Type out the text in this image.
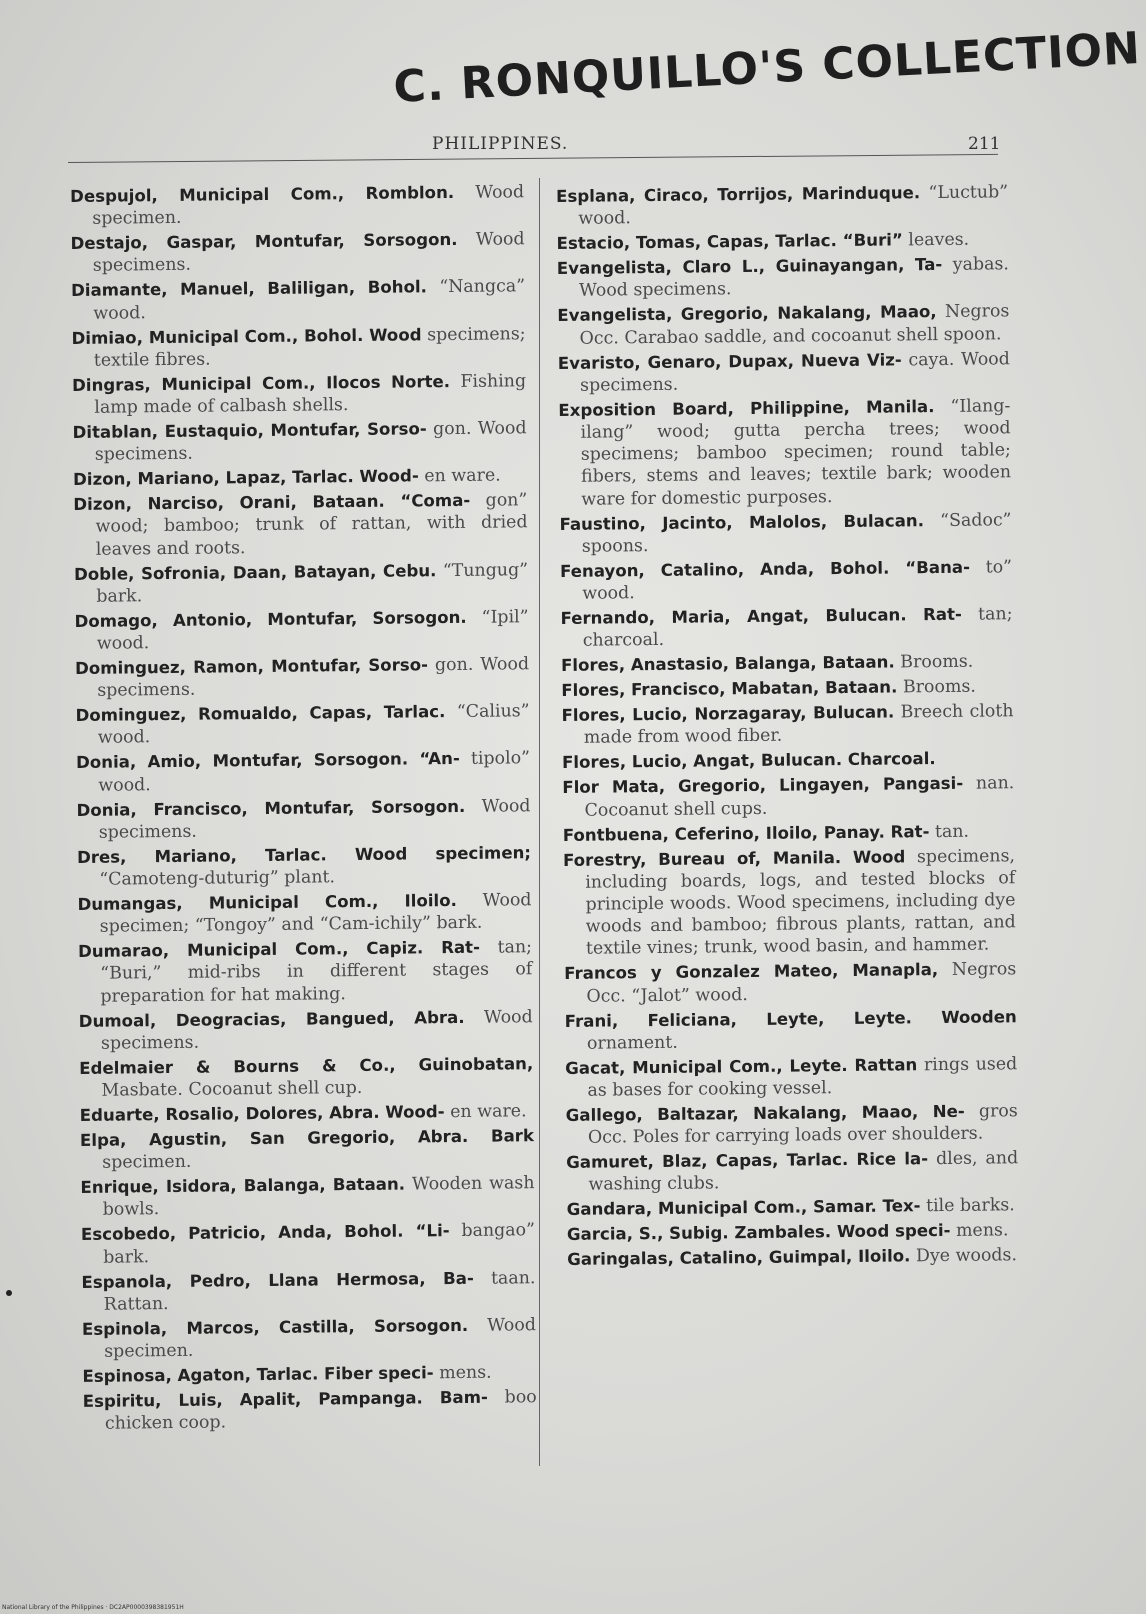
C. RONQUILLO'S COLLECTION
PHILIPPINES.	211
Despujol, Municipal Com., Romblon. Wood specimen.
Destajo, Gaspar, Montufar, Sorsogon. Wood specimens.
Diamante, Manuel, Baliligan, Bohol. “Nangca” wood.
Dimiao, Municipal Com., Bohol. Wood specimens; textile fibres.
Dingras, Municipal Com., Ilocos Norte. Fishing lamp made of calbash shells.
Ditablan, Eustaquio, Montufar, Sorso- gon. Wood specimens.
Dizon, Mariano, Lapaz, Tarlac. Wood- en ware.
Dizon, Narciso, Orani, Bataan. “Coma- gon” wood; bamboo; trunk of rattan, with dried leaves and roots.
Doble, Sofronia, Daan, Batayan, Cebu. “Tungug” bark.
Domago, Antonio, Montufar, Sorsogon. “Ipil” wood.
Dominguez, Ramon, Montufar, Sorso- gon. Wood specimens.
Dominguez, Romualdo, Capas, Tarlac. “Calius” wood.
Donia, Amio, Montufar, Sorsogon. “An- tipolo” wood.
Donia, Francisco, Montufar, Sorsogon. Wood specimens.
Dres, Mariano, Tarlac. Wood specimen; “Camoteng-duturig” plant.
Dumangas, Municipal Com., Iloilo. Wood specimen; “Tongoy” and “Cam-ichily” bark.
Dumarao, Municipal Com., Capiz. Rat- tan; “Buri,” mid-ribs in different stages of preparation for hat making.
Dumoal, Deogracias, Bangued, Abra. Wood specimens.
Edelmaier & Bourns & Co., Guinobatan, Masbate. Cocoanut shell cup.
Eduarte, Rosalio, Dolores, Abra. Wood- en ware.
Elpa, Agustin, San Gregorio, Abra. Bark specimen.
Enrique, Isidora, Balanga, Bataan. Wooden wash bowls.
Escobedo, Patricio, Anda, Bohol. “Li- bangao” bark.
Espanola, Pedro, Llana Hermosa, Ba- taan. Rattan.
Espinola, Marcos, Castilla, Sorsogon. Wood specimen.
Espinosa, Agaton, Tarlac. Fiber speci- mens.
Espiritu, Luis, Apalit, Pampanga. Bam- boo chicken coop.
Esplana, Ciraco, Torrijos, Marinduque. “Luctub” wood.
Estacio, Tomas, Capas, Tarlac. “Buri” leaves.
Evangelista, Claro L., Guinayangan, Ta- yabas. Wood specimens.
Evangelista, Gregorio, Nakalang, Maao, Negros Occ. Carabao saddle, and cocoanut shell spoon.
Evaristo, Genaro, Dupax, Nueva Viz- caya. Wood specimens.
Exposition Board, Philippine, Manila. “Ilang-ilang” wood; gutta percha trees; wood specimens; bamboo specimen; round table; fibers, stems and leaves; textile bark; wooden ware for domestic purposes.
Faustino, Jacinto, Malolos, Bulacan. “Sadoc” spoons.
Fenayon, Catalino, Anda, Bohol. “Bana- to” wood.
Fernando, Maria, Angat, Bulucan. Rat- tan; charcoal.
Flores, Anastasio, Balanga, Bataan. Brooms.
Flores, Francisco, Mabatan, Bataan. Brooms.
Flores, Lucio, Norzagaray, Bulucan. Breech cloth made from wood fiber.
Flores, Lucio, Angat, Bulucan. Charcoal.
Flor Mata, Gregorio, Lingayen, Pangasi- nan. Cocoanut shell cups.
Fontbuena, Ceferino, Iloilo, Panay. Rat- tan.
Forestry, Bureau of, Manila. Wood specimens, including boards, logs, and tested blocks of principle woods. Wood specimens, including dye woods and bamboo; fibrous plants, rattan, and textile vines; trunk, wood basin, and hammer.
Francos y Gonzalez Mateo, Manapla, Negros Occ. “Jalot” wood.
Frani, Feliciana, Leyte, Leyte. Wooden ornament.
Gacat, Municipal Com., Leyte. Rattan rings used as bases for cooking vessel.
Gallego, Baltazar, Nakalang, Maao, Ne- gros Occ. Poles for carrying loads over shoulders.
Gamuret, Blaz, Capas, Tarlac. Rice la- dles, and washing clubs.
Gandara, Municipal Com., Samar. Tex- tile barks.
Garcia, S., Subig. Zambales. Wood speci- mens.
Garingalas, Catalino, Guimpal, Iloilo. Dye woods.
National Library of the Philippines · DC2AP0000398381951H
